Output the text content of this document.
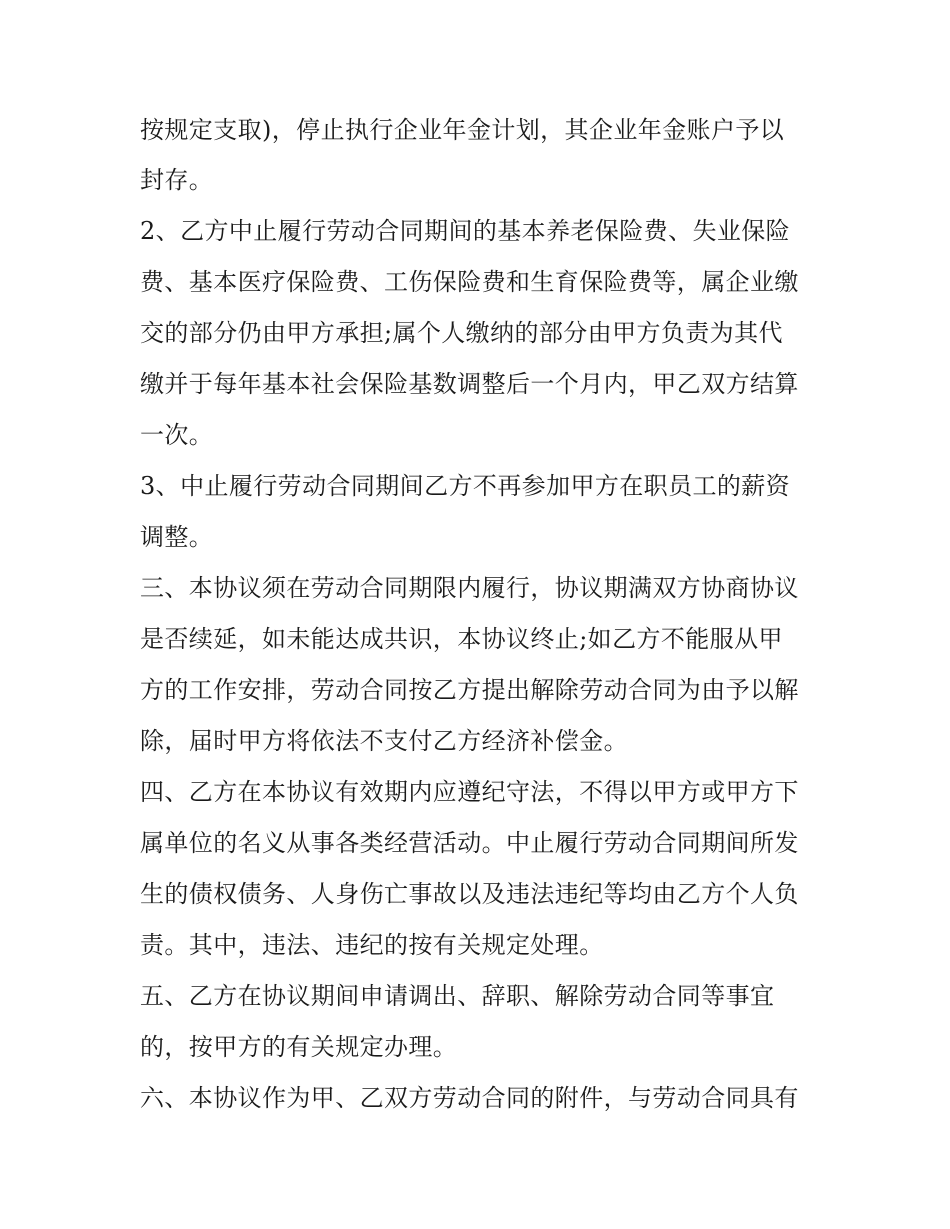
按规定支取)，停止执行企业年金计划，其企业年金账户予以
封存。
2、乙方中止履行劳动合同期间的基本养老保险费、失业保险
费、基本医疗保险费、工伤保险费和生育保险费等，属企业缴
交的部分仍由甲方承担;属个人缴纳的部分由甲方负责为其代
缴并于每年基本社会保险基数调整后一个月内，甲乙双方结算
一次。
3、中止履行劳动合同期间乙方不再参加甲方在职员工的薪资
调整。
三、本协议须在劳动合同期限内履行，协议期满双方协商协议
是否续延，如未能达成共识，本协议终止;如乙方不能服从甲
方的工作安排，劳动合同按乙方提出解除劳动合同为由予以解
除，届时甲方将依法不支付乙方经济补偿金。
四、乙方在本协议有效期内应遵纪守法，不得以甲方或甲方下
属单位的名义从事各类经营活动。中止履行劳动合同期间所发
生的债权债务、人身伤亡事故以及违法违纪等均由乙方个人负
责。其中，违法、违纪的按有关规定处理。
五、乙方在协议期间申请调出、辞职、解除劳动合同等事宜
的，按甲方的有关规定办理。
六、本协议作为甲、乙双方劳动合同的附件，与劳动合同具有
